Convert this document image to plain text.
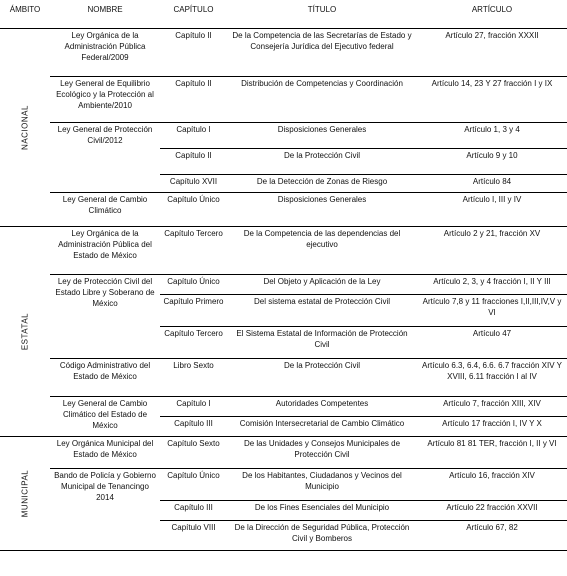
ÁMBITO	NOMBRE	CAPÍTULO	TÍTULO	ARTÍCULO

NACIONAL	Ley Orgánica de la Administración Pública Federal/2009	Capítulo II	De la Competencia de las Secretarías de Estado y Consejería Jurídica del Ejecutivo federal	Artículo 27, fracción XXXII
	Ley General de Equilibrio Ecológico y la Protección al Ambiente/2010	Capítulo II	Distribución de Competencias y Coordinación	Artículo 14, 23 Y 27 fracción I y IX
	Ley General de Protección Civil/2012	Capítulo I	Disposiciones Generales	Artículo 1, 3 y 4
		Capítulo II	De la Protección Civil	Artículo 9 y 10
		Capítulo XVII	De la Detección de Zonas de Riesgo	Artículo 84
	Ley General de Cambio Climático	Capítulo Único	Disposiciones Generales	Artículo I, III y IV

ESTATAL	Ley Orgánica de la Administración Pública del Estado de México	Capítulo Tercero	De la Competencia de las dependencias del ejecutivo	Artículo 2 y 21, fracción XV
	Ley de Protección Civil del Estado Libre y Soberano de México	Capítulo Único	Del Objeto y Aplicación de la Ley	Artículo 2, 3, y 4 fracción I, II Y III
		Capítulo Primero	Del sistema estatal de Protección Civil	Artículo 7,8 y 11 fracciones I,II,III,IV,V y VI
		Capítulo Tercero	El Sistema Estatal de Información de Protección Civil	Artículo 47
	Código Administrativo del Estado de México	Libro Sexto	De la Protección Civil	Artículo 6.3, 6.4, 6.6. 6.7 fracción XIV Y XVIII, 6.11 fracción I al IV
	Ley General de Cambio Climático del Estado de México	Capítulo I	Autoridades Competentes	Artículo 7, fracción XIII, XIV
		Capítulo III	Comisión Intersecretarial de Cambio Climático	Artículo 17 fracción I, IV Y X

MUNICIPAL	Ley Orgánica Municipal del Estado de México	Capítulo Sexto	De las Unidades y Consejos Municipales de Protección Civil	Artículo 81 81 TER, fracción I, II y VI
	Bando de Policía y Gobierno Municipal de Tenancingo 2014	Capítulo Único	De los Habitantes, Ciudadanos y Vecinos del Municipio	Artículo 16, fracción XIV
		Capítulo III	De los Fines Esenciales del Municipio	Artículo 22 fracción XXVII
		Capítulo VIII	De la Dirección de Seguridad Pública, Protección Civil y Bomberos	Artículo 67, 82
